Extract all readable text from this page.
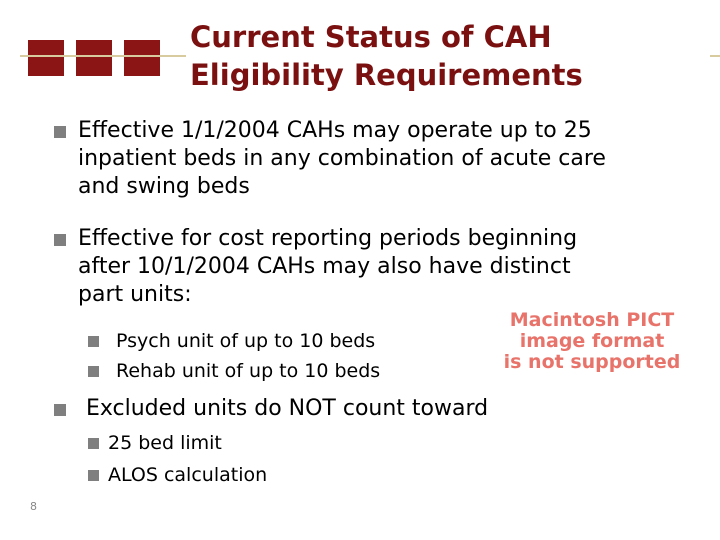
Current Status of CAH
Eligibility Requirements
Effective 1/1/2004 CAHs may operate up to 25
inpatient beds in any combination of acute care
and swing beds
Effective for cost reporting periods beginning
after 10/1/2004 CAHs may also have distinct
part units:
Psych unit of up to 10 beds
Rehab unit of up to 10 beds
Excluded units do NOT count toward
25 bed limit
ALOS calculation
Macintosh PICT
image format
is not supported
8
